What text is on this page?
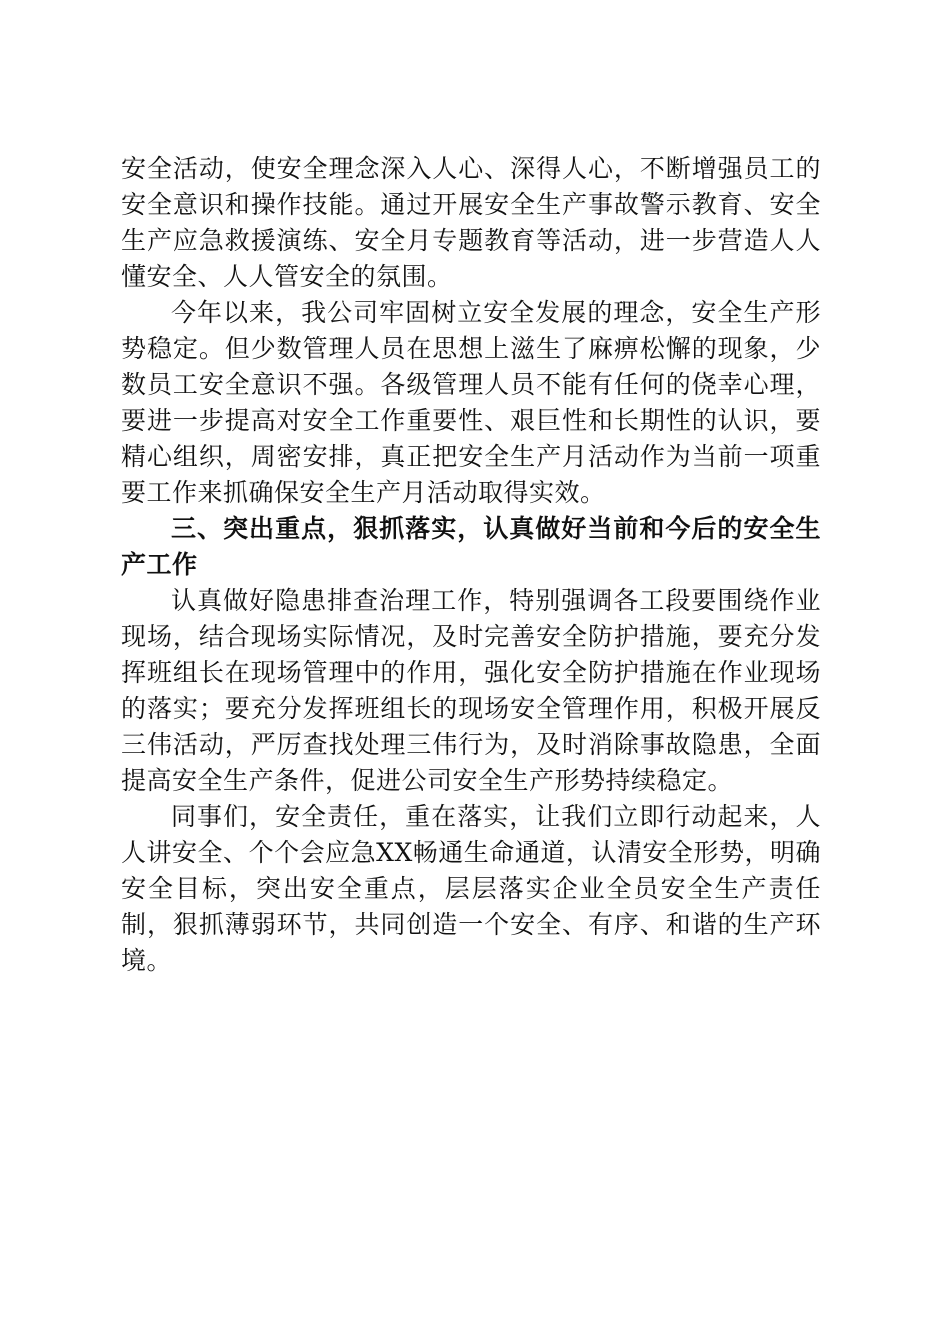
安全活动，使安全理念深入人心、深得人心，不断增强员工的安全意识和操作技能。通过开展安全生产事故警示教育、安全生产应急救援演练、安全月专题教育等活动，进一步营造人人懂安全、人人管安全的氛围。

今年以来，我公司牢固树立安全发展的理念，安全生产形势稳定。但少数管理人员在思想上滋生了麻痹松懈的现象，少数员工安全意识不强。各级管理人员不能有任何的侥幸心理，要进一步提高对安全工作重要性、艰巨性和长期性的认识，要精心组织，周密安排，真正把安全生产月活动作为当前一项重要工作来抓确保安全生产月活动取得实效。

三、突出重点，狠抓落实，认真做好当前和今后的安全生产工作

认真做好隐患排查治理工作，特别强调各工段要围绕作业现场，结合现场实际情况，及时完善安全防护措施，要充分发挥班组长在现场管理中的作用，强化安全防护措施在作业现场的落实；要充分发挥班组长的现场安全管理作用，积极开展反三伟活动，严厉查找处理三伟行为，及时消除事故隐患，全面提高安全生产条件，促进公司安全生产形势持续稳定。

同事们，安全责任，重在落实，让我们立即行动起来，人人讲安全、个个会应急XX畅通生命通道，认清安全形势，明确安全目标，突出安全重点，层层落实企业全员安全生产责任制，狠抓薄弱环节，共同创造一个安全、有序、和谐的生产环境。
